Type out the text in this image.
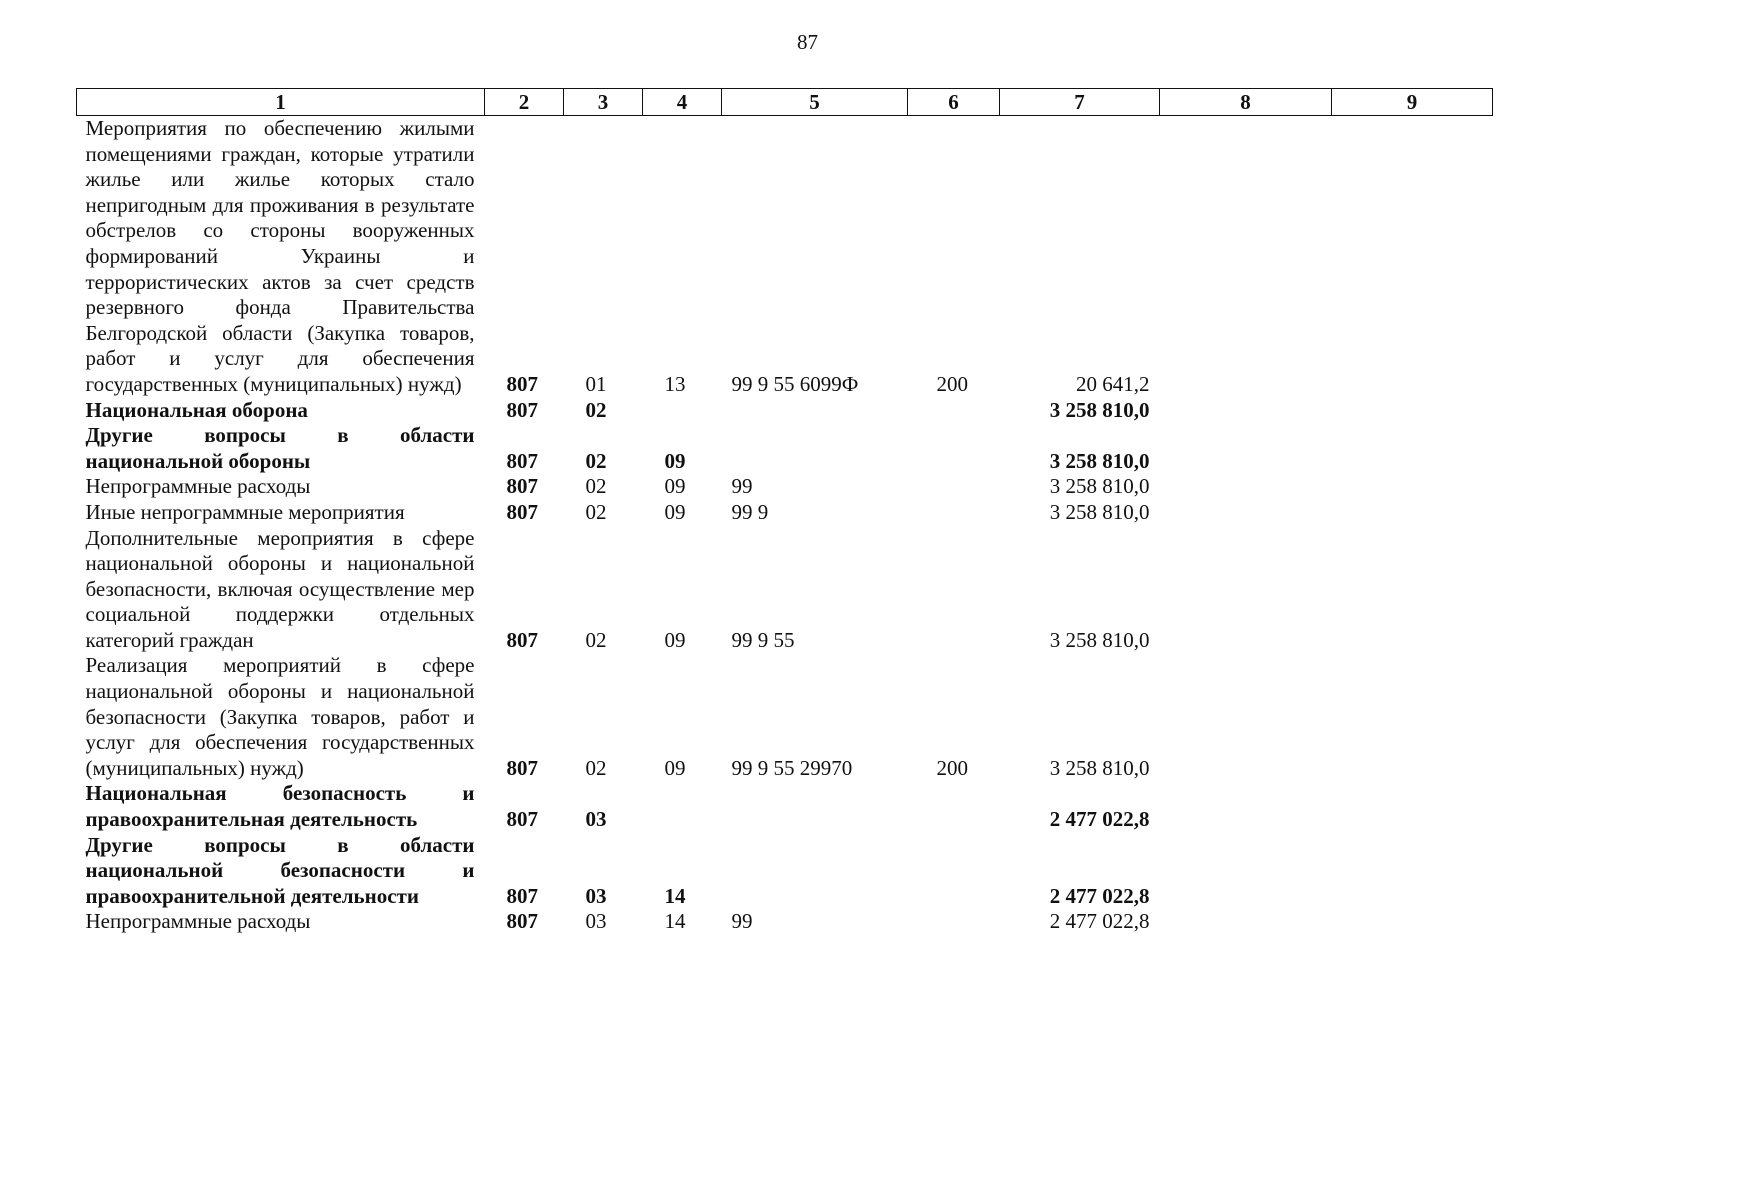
87
1	2	3	4	5	6	7	8	9
Мероприятия по обеспечению жилыми помещениями граждан, которые утратили жилье или жилье которых стало непригодным для проживания в результате обстрелов со стороны вооруженных формирований Украины и террористических актов за счет средств резервного фонда Правительства Белгородской области (Закупка товаров, работ и услуг для обеспечения государственных (муниципальных) нужд)	807	01	13	99 9 55 6099Ф	200	20 641,2		
Национальная оборона	807	02				3 258 810,0		
Другие вопросы в области национальной обороны	807	02	09			3 258 810,0		
Непрограммные расходы	807	02	09	99		3 258 810,0		
Иные непрограммные мероприятия	807	02	09	99 9		3 258 810,0		
Дополнительные мероприятия в сфере национальной обороны и национальной безопасности, включая осуществление мер социальной поддержки отдельных категорий граждан	807	02	09	99 9 55		3 258 810,0		
Реализация мероприятий в сфере национальной обороны и национальной безопасности (Закупка товаров, работ и услуг для обеспечения государственных (муниципальных) нужд)	807	02	09	99 9 55 29970	200	3 258 810,0		
Национальная безопасность и правоохранительная деятельность	807	03				2 477 022,8		
Другие вопросы в области национальной безопасности и правоохранительной деятельности	807	03	14			2 477 022,8		
Непрограммные расходы	807	03	14	99		2 477 022,8		
